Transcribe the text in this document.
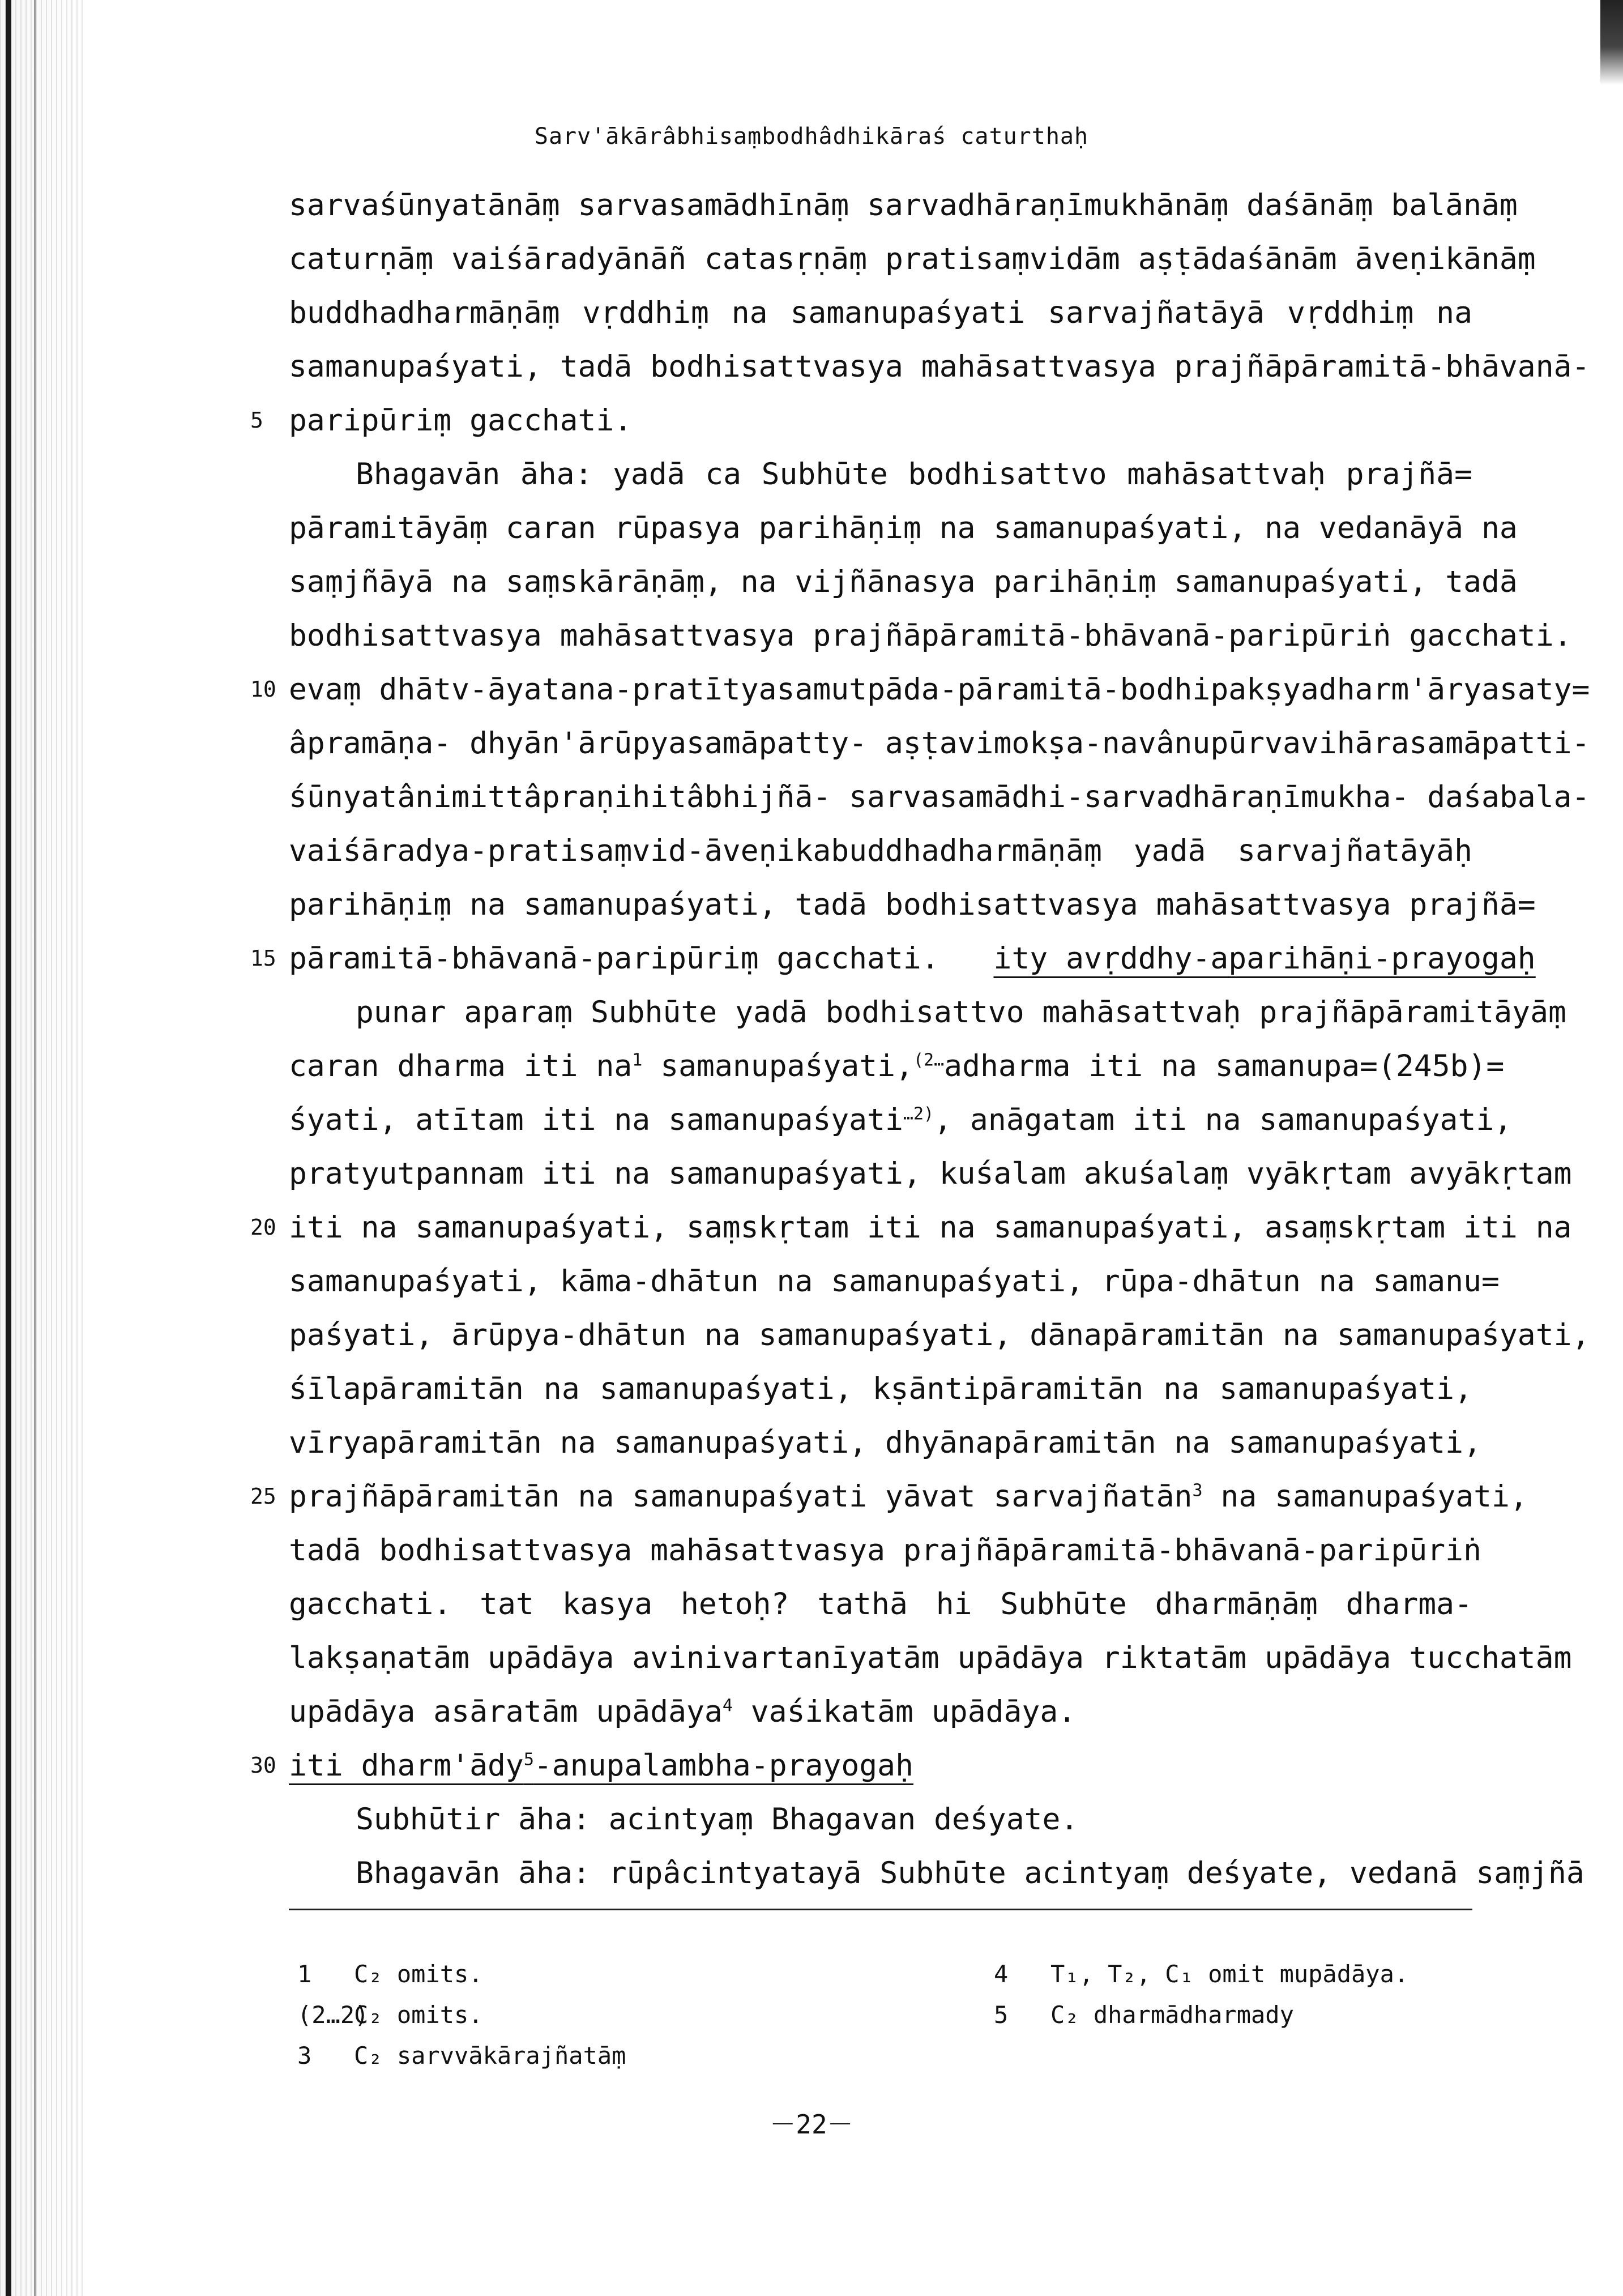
Sarv'ākārâbhisaṃbodhâdhikāraś caturthaḥ
sarvaśūnyatānāṃ sarvasamādhīnāṃ sarvadhāraṇīmukhānāṃ daśānāṃ balānāṃ
caturṇāṃ vaiśāradyānāñ catasṛṇāṃ pratisaṃvidām aṣṭādaśānām āveṇikānāṃ
buddhadharmāṇāṃ vṛddhiṃ na samanupaśyati sarvajñatāyā vṛddhiṃ na
samanupaśyati, tadā bodhisattvasya mahāsattvasya prajñāpāramitā-bhāvanā-
5 paripūriṃ gacchati.
Bhagavān āha: yadā ca Subhūte bodhisattvo mahāsattvaḥ prajñā=
pāramitāyāṃ caran rūpasya parihāṇiṃ na samanupaśyati, na vedanāyā na
saṃjñāyā na saṃskārāṇāṃ, na vijñānasya parihāṇiṃ samanupaśyati, tadā
bodhisattvasya mahāsattvasya prajñāpāramitā-bhāvanā-paripūriṅ gacchati.
10 evaṃ dhātv-āyatana-pratītyasamutpāda-pāramitā-bodhipakṣyadharm'āryasaty=
âpramāṇa- dhyān'ārūpyasamāpatty- aṣṭavimokṣa-navânupūrvavihārasamāpatti-
śūnyatânimittâpraṇihitâbhijñā- sarvasamādhi-sarvadhāraṇīmukha- daśabala-
vaiśāradya-pratisaṃvid-āveṇikabuddhadharmāṇāṃ yadā sarvajñatāyāḥ
parihāṇiṃ na samanupaśyati, tadā bodhisattvasya mahāsattvasya prajñā=
15 pāramitā-bhāvanā-paripūriṃ gacchati. ity avṛddhy-aparihāṇi-prayogaḥ
punar aparaṃ Subhūte yadā bodhisattvo mahāsattvaḥ prajñāpāramitāyāṃ
caran dharma iti $na^1$ samanupaśyati,$^{(2\dots}$adharma iti na samanupa=(245b)=
śyati, atītam iti na samanupaśyati$^{\dots 2)}$, anāgatam iti na samanupaśyati,
pratyutpannam iti na samanupaśyati, kuśalam akuśalaṃ vyākṛtam avyākṛtam
20 iti na samanupaśyati, saṃskṛtam iti na samanupaśyati, asaṃskṛtam iti na
samanupaśyati, kāma-dhātun na samanupaśyati, rūpa-dhātun na samanu=
paśyati, ārūpya-dhātun na samanupaśyati, dānapāramitān na samanupaśyati,
śīlapāramitān na samanupaśyati, kṣāntipāramitān na samanupaśyati,
vīryapāramitān na samanupaśyati, dhyānapāramitān na samanupaśyati,
25 prajñāpāramitān na samanupaśyati yāvat sarvajñatān$^3$ na samanupaśyati,
tadā bodhisattvasya mahāsattvasya prajñāpāramitā-bhāvanā-paripūriṅ
gacchati. tat kasya hetoḥ? tathā hi Subhūte dharmāṇāṃ dharma-
lakṣaṇatām upādāya avinivartanīyatām upādāya riktatām upādāya tucchatām
upādāya asāratām upādāya$^4$ vaśikatām upādāya.
30 iti dharm'ādy$^5$-anupalambha-prayogaḥ
Subhūtir āha: acintyaṃ Bhagavan deśyate.
Bhagavān āha: rūpâcintyatayā Subhūte acintyaṃ deśyate, vedanā saṃjñā
1 C₂ omits.
(2…2)C₂ omits.
3 C₂ sarvvākārajñatāṃ
4 T₁, T₂, C₁ omit mupādāya.
5 C₂ dharmādharmady
－22－
